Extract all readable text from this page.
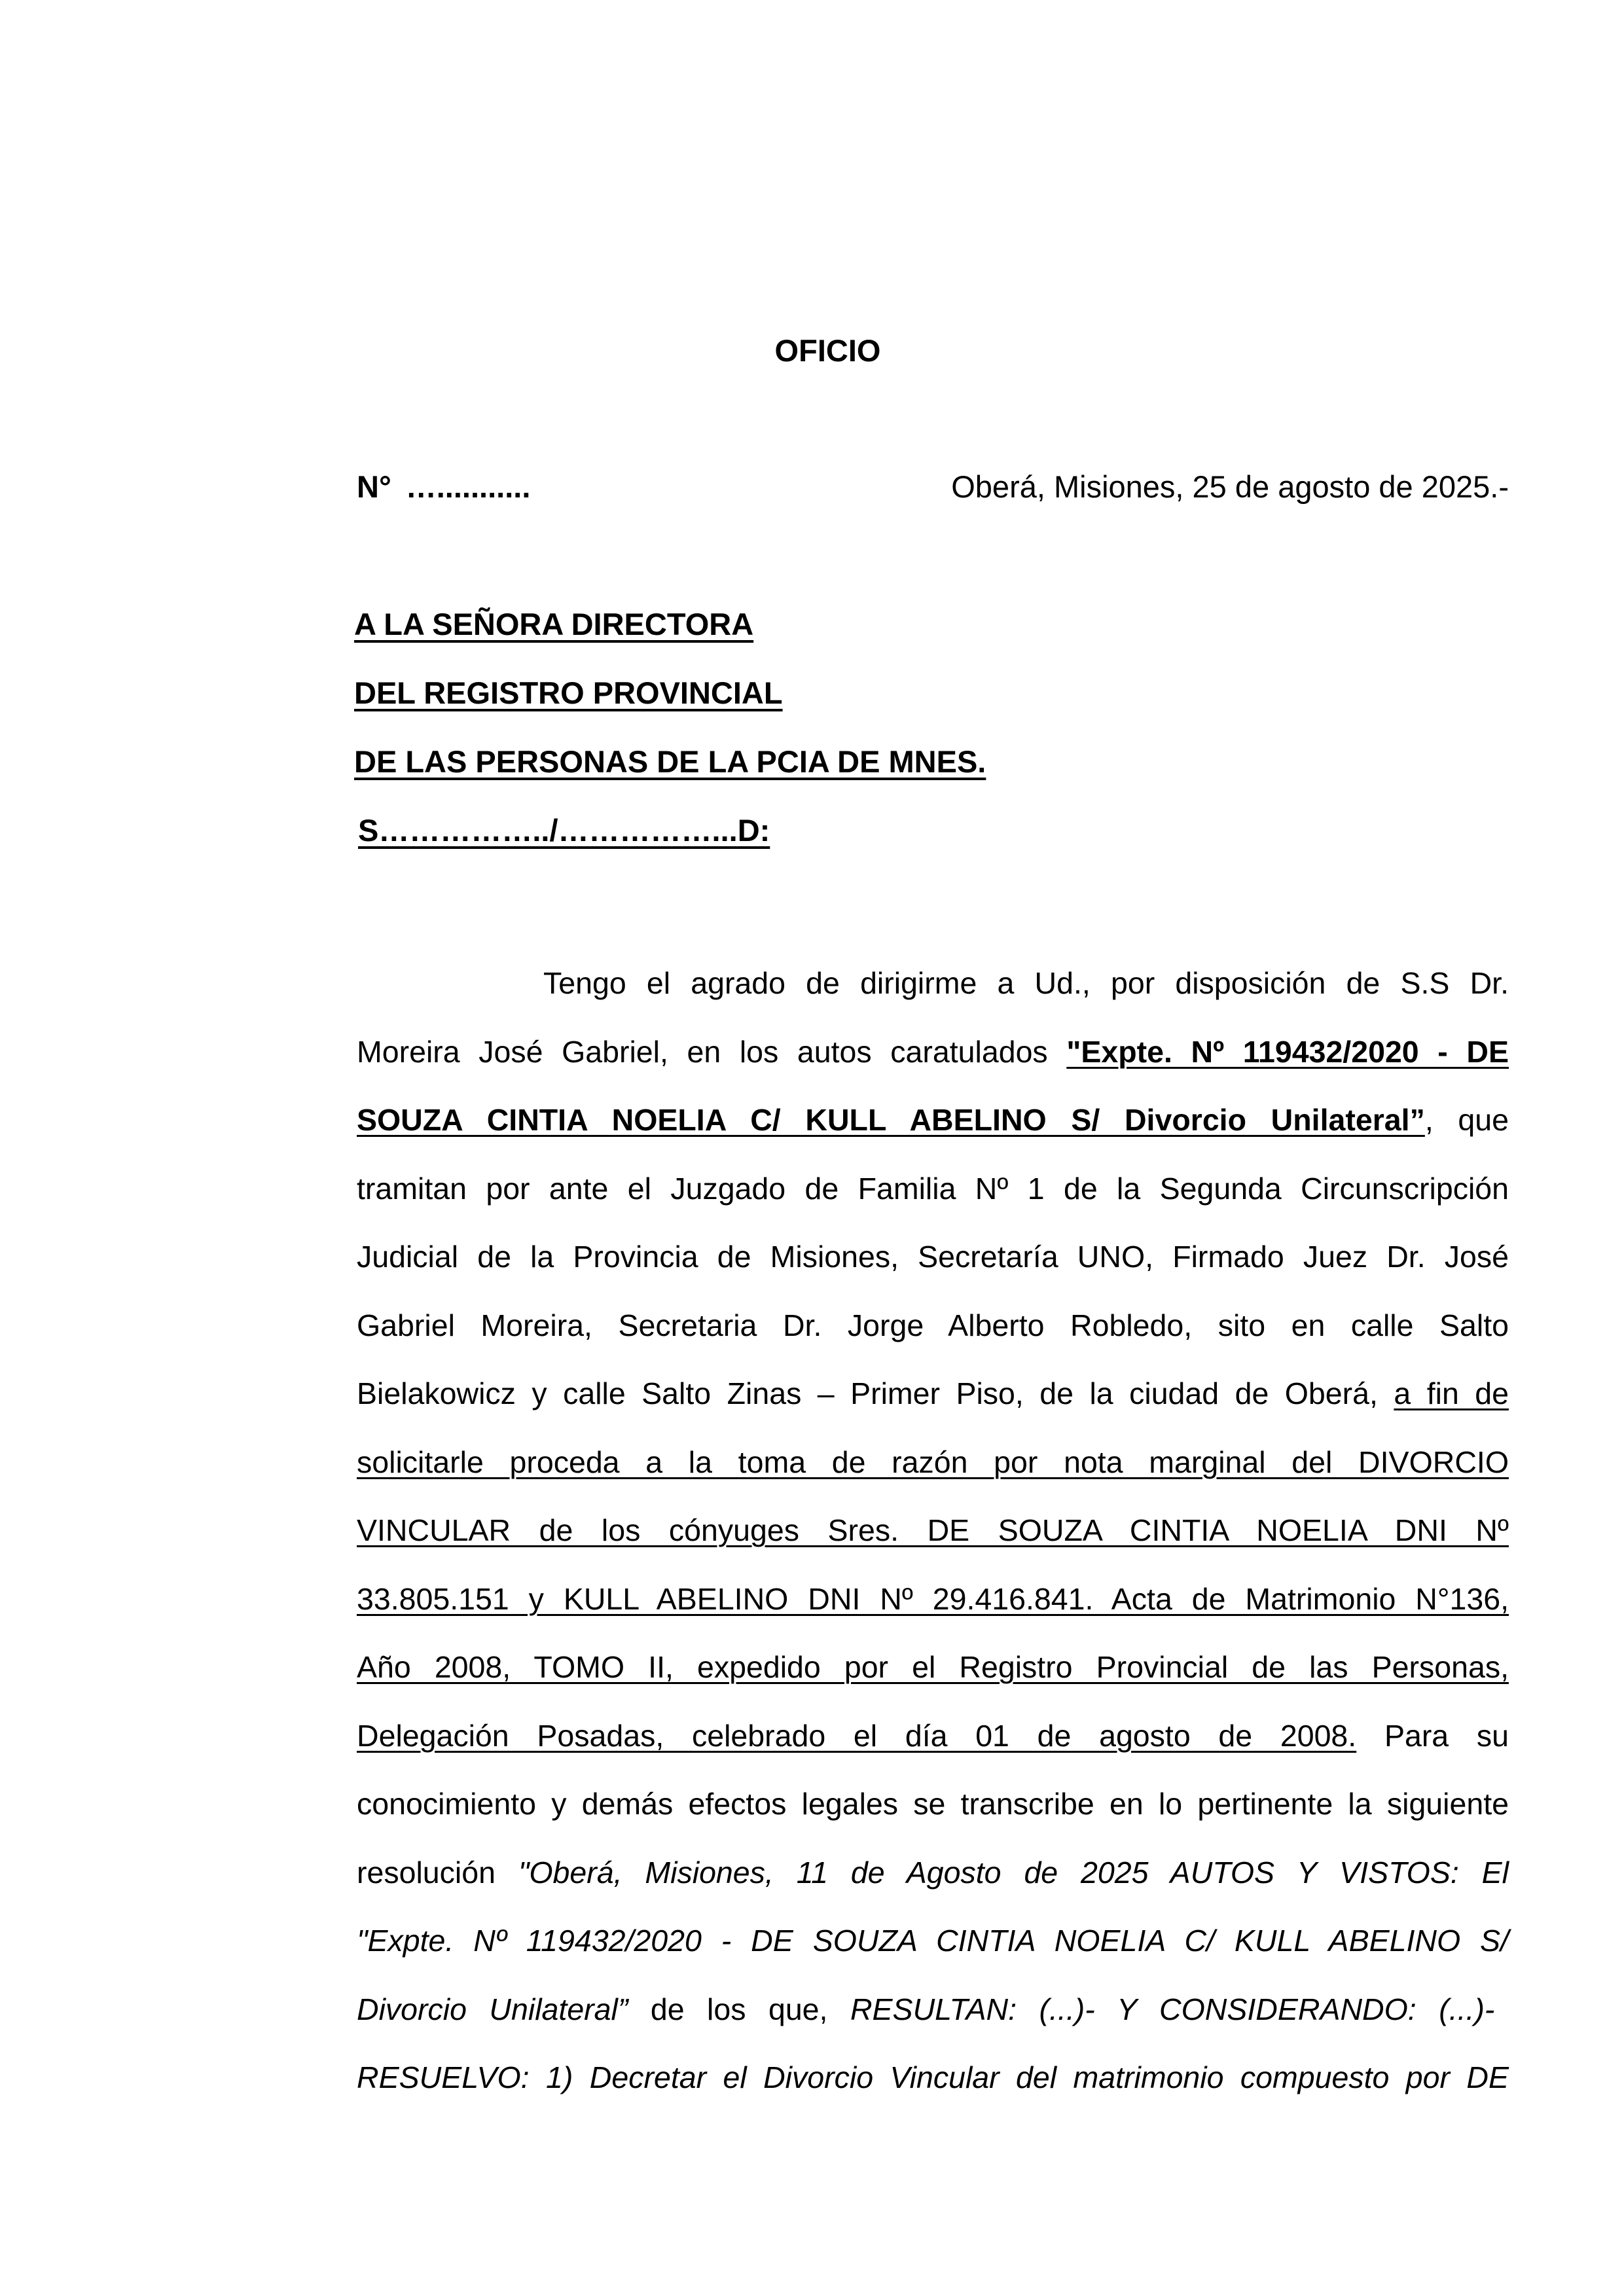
OFICIO
N° …...........	Oberá, Misiones, 25 de agosto de 2025.-
A LA SEÑORA DIRECTORA
DEL REGISTRO PROVINCIAL
DE LAS PERSONAS DE LA PCIA DE MNES.
S……………../……………...D:
Tengo el agrado de dirigirme a Ud., por disposición de S.S Dr.
Moreira José Gabriel, en los autos caratulados "Expte. Nº 119432/2020 - DE
SOUZA CINTIA NOELIA C/ KULL ABELINO S/ Divorcio Unilateral”, que
tramitan por ante el Juzgado de Familia Nº 1 de la Segunda Circunscripción
Judicial de la Provincia de Misiones, Secretaría UNO, Firmado Juez Dr. José
Gabriel Moreira, Secretaria Dr. Jorge Alberto Robledo, sito en calle Salto
Bielakowicz y calle Salto Zinas – Primer Piso, de la ciudad de Oberá, a fin de
solicitarle proceda a la toma de razón por nota marginal del DIVORCIO
VINCULAR de los cónyuges Sres. DE SOUZA CINTIA NOELIA DNI Nº
33.805.151 y KULL ABELINO DNI Nº 29.416.841. Acta de Matrimonio N°136,
Año 2008, TOMO II, expedido por el Registro Provincial de las Personas,
Delegación Posadas, celebrado el día 01 de agosto de 2008. Para su
conocimiento y demás efectos legales se transcribe en lo pertinente la siguiente
resolución "Oberá, Misiones, 11 de Agosto de 2025 AUTOS Y VISTOS: El
"Expte. Nº 119432/2020 - DE SOUZA CINTIA NOELIA C/ KULL ABELINO S/
Divorcio Unilateral” de los que, RESULTAN: (...)- Y CONSIDERANDO: (...)-
RESUELVO: 1) Decretar el Divorcio Vincular del matrimonio compuesto por DE
